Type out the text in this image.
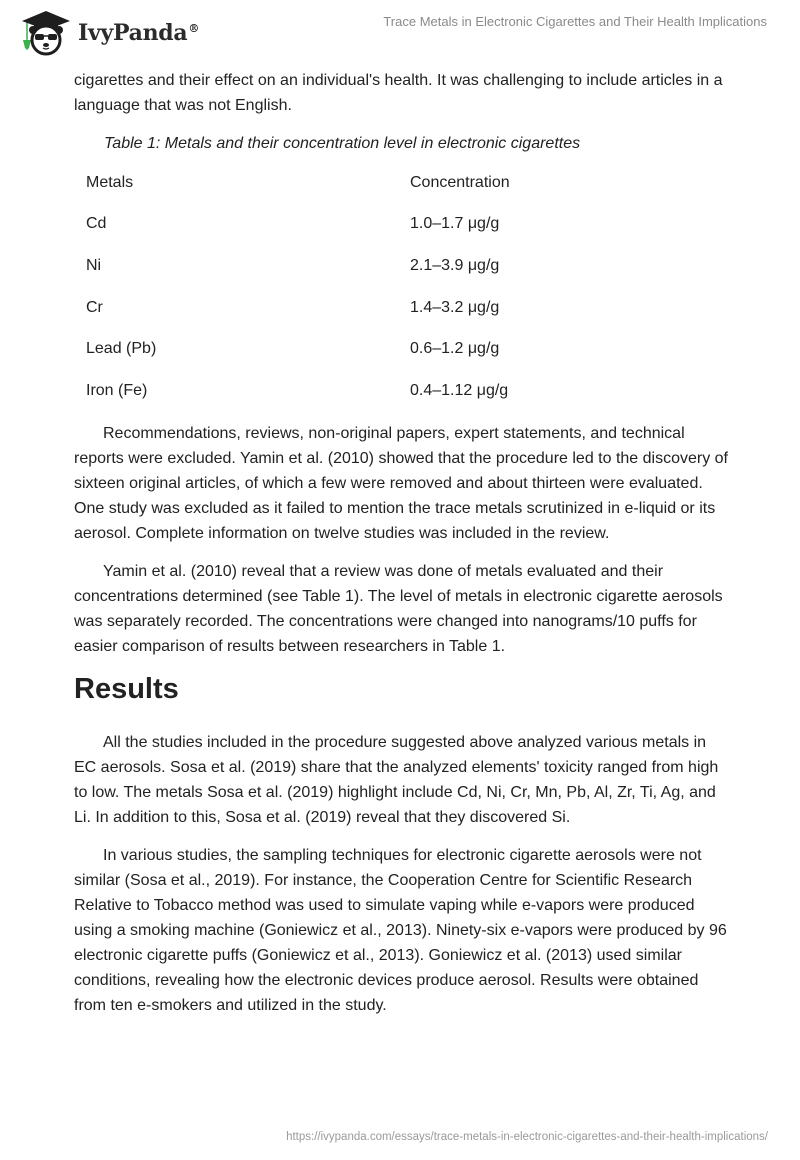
IvyPanda®	Trace Metals in Electronic Cigarettes and Their Health Implications

cigarettes and their effect on an individual's health. It was challenging to include articles in a language that was not English.

Table 1: Metals and their concentration level in electronic cigarettes
Metals	Concentration
Cd	1.0–1.7 μg/g
Ni	2.1–3.9 μg/g
Cr	1.4–3.2 μg/g
Lead (Pb)	0.6–1.2 μg/g
Iron (Fe)	0.4–1.12 μg/g

Recommendations, reviews, non-original papers, expert statements, and technical reports were excluded. Yamin et al. (2010) showed that the procedure led to the discovery of sixteen original articles, of which a few were removed and about thirteen were evaluated. One study was excluded as it failed to mention the trace metals scrutinized in e-liquid or its aerosol. Complete information on twelve studies was included in the review.

Yamin et al. (2010) reveal that a review was done of metals evaluated and their concentrations determined (see Table 1). The level of metals in electronic cigarette aerosols was separately recorded. The concentrations were changed into nanograms/10 puffs for easier comparison of results between researchers in Table 1.

Results

All the studies included in the procedure suggested above analyzed various metals in EC aerosols. Sosa et al. (2019) share that the analyzed elements' toxicity ranged from high to low. The metals Sosa et al. (2019) highlight include Cd, Ni, Cr, Mn, Pb, Al, Zr, Ti, Ag, and Li. In addition to this, Sosa et al. (2019) reveal that they discovered Si.

In various studies, the sampling techniques for electronic cigarette aerosols were not similar (Sosa et al., 2019). For instance, the Cooperation Centre for Scientific Research Relative to Tobacco method was used to simulate vaping while e-vapors were produced using a smoking machine (Goniewicz et al., 2013). Ninety-six e-vapors were produced by 96 electronic cigarette puffs (Goniewicz et al., 2013). Goniewicz et al. (2013) used similar conditions, revealing how the electronic devices produce aerosol. Results were obtained from ten e-smokers and utilized in the study.

https://ivypanda.com/essays/trace-metals-in-electronic-cigarettes-and-their-health-implications/
